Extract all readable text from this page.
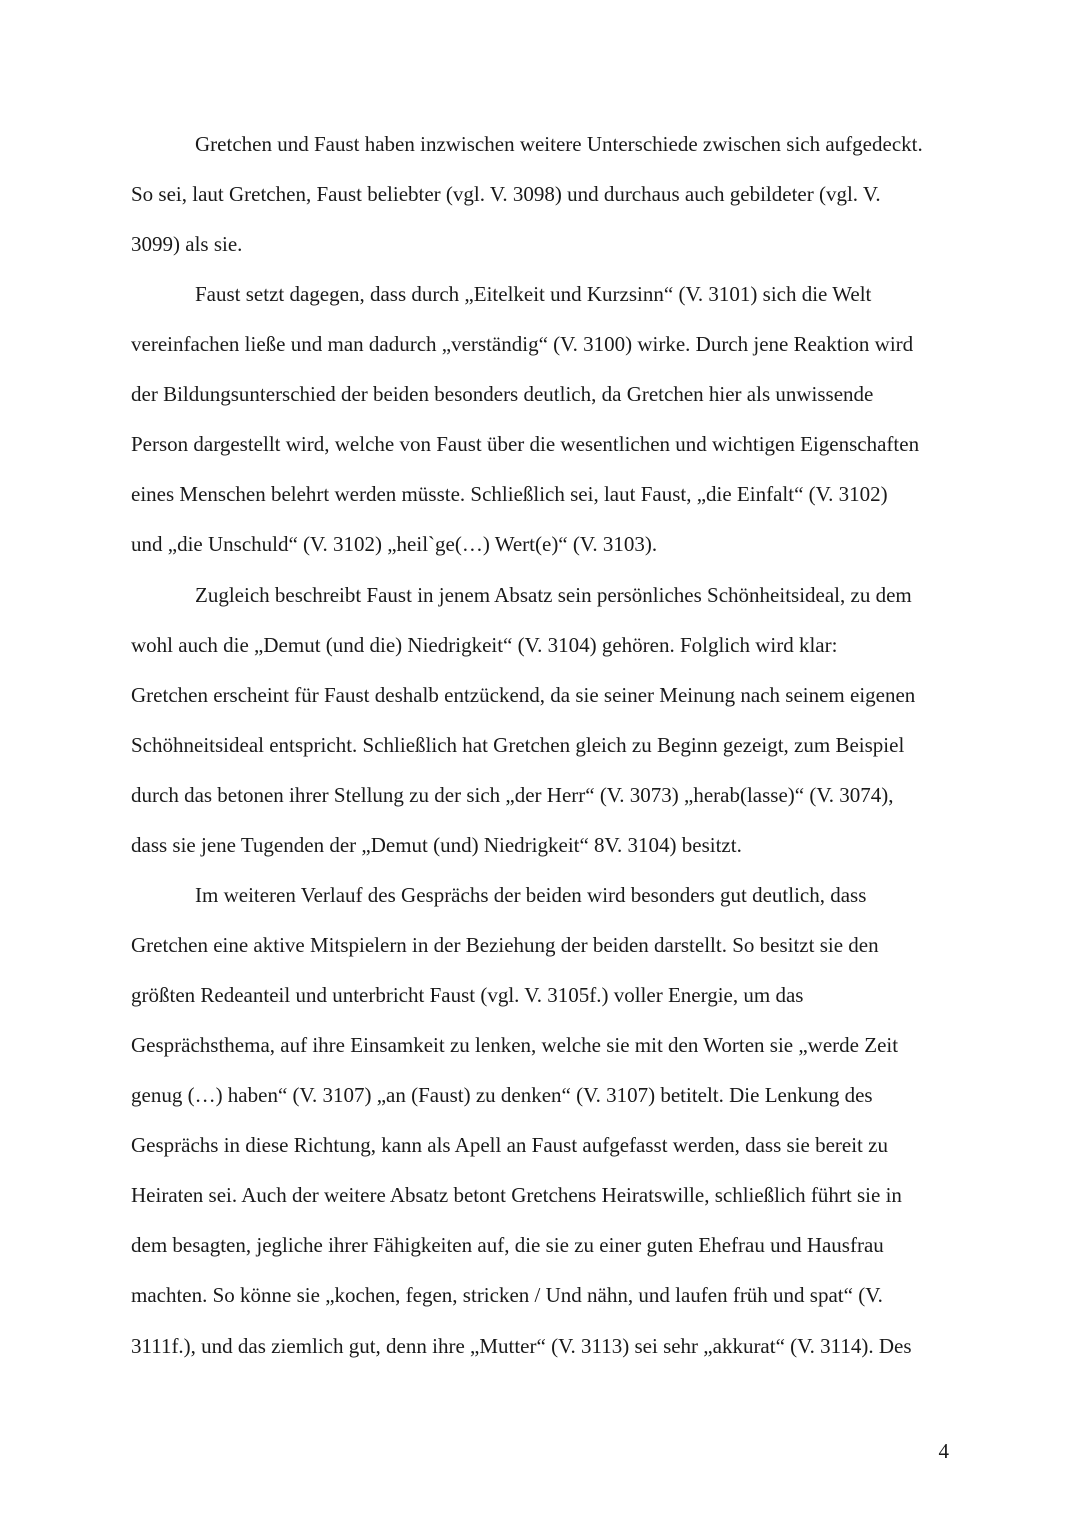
Gretchen und Faust haben inzwischen weitere Unterschiede zwischen sich aufgedeckt.
So sei, laut Gretchen, Faust beliebter (vgl. V. 3098) und durchaus auch gebildeter (vgl. V.
3099) als sie.
Faust setzt dagegen, dass durch „Eitelkeit und Kurzsinn“ (V. 3101) sich die Welt
vereinfachen ließe und man dadurch „verständig“ (V. 3100) wirke. Durch jene Reaktion wird
der Bildungsunterschied der beiden besonders deutlich, da Gretchen hier als unwissende
Person dargestellt wird, welche von Faust über die wesentlichen und wichtigen Eigenschaften
eines Menschen belehrt werden müsste. Schließlich sei, laut Faust, „die Einfalt“ (V. 3102)
und „die Unschuld“ (V. 3102) „heil`ge(…) Wert(e)“ (V. 3103).
Zugleich beschreibt Faust in jenem Absatz sein persönliches Schönheitsideal, zu dem
wohl auch die „Demut (und die) Niedrigkeit“ (V. 3104) gehören. Folglich wird klar:
Gretchen erscheint für Faust deshalb entzückend, da sie seiner Meinung nach seinem eigenen
Schöhneitsideal entspricht. Schließlich hat Gretchen gleich zu Beginn gezeigt, zum Beispiel
durch das betonen ihrer Stellung zu der sich „der Herr“ (V. 3073) „herab(lasse)“ (V. 3074),
dass sie jene Tugenden der „Demut (und) Niedrigkeit“ 8V. 3104) besitzt.
Im weiteren Verlauf des Gesprächs der beiden wird besonders gut deutlich, dass
Gretchen eine aktive Mitspielern in der Beziehung der beiden darstellt. So besitzt sie den
größten Redeanteil und unterbricht Faust (vgl. V. 3105f.) voller Energie, um das
Gesprächsthema, auf ihre Einsamkeit zu lenken, welche sie mit den Worten sie „werde Zeit
genug (…) haben“ (V. 3107) „an (Faust) zu denken“ (V. 3107) betitelt. Die Lenkung des
Gesprächs in diese Richtung, kann als Apell an Faust aufgefasst werden, dass sie bereit zu
Heiraten sei. Auch der weitere Absatz betont Gretchens Heiratswille, schließlich führt sie in
dem besagten, jegliche ihrer Fähigkeiten auf, die sie zu einer guten Ehefrau und Hausfrau
machten. So könne sie „kochen, fegen, stricken / Und nähn, und laufen früh und spat“ (V.
3111f.), und das ziemlich gut, denn ihre „Mutter“ (V. 3113) sei sehr „akkurat“ (V. 3114). Des
4
